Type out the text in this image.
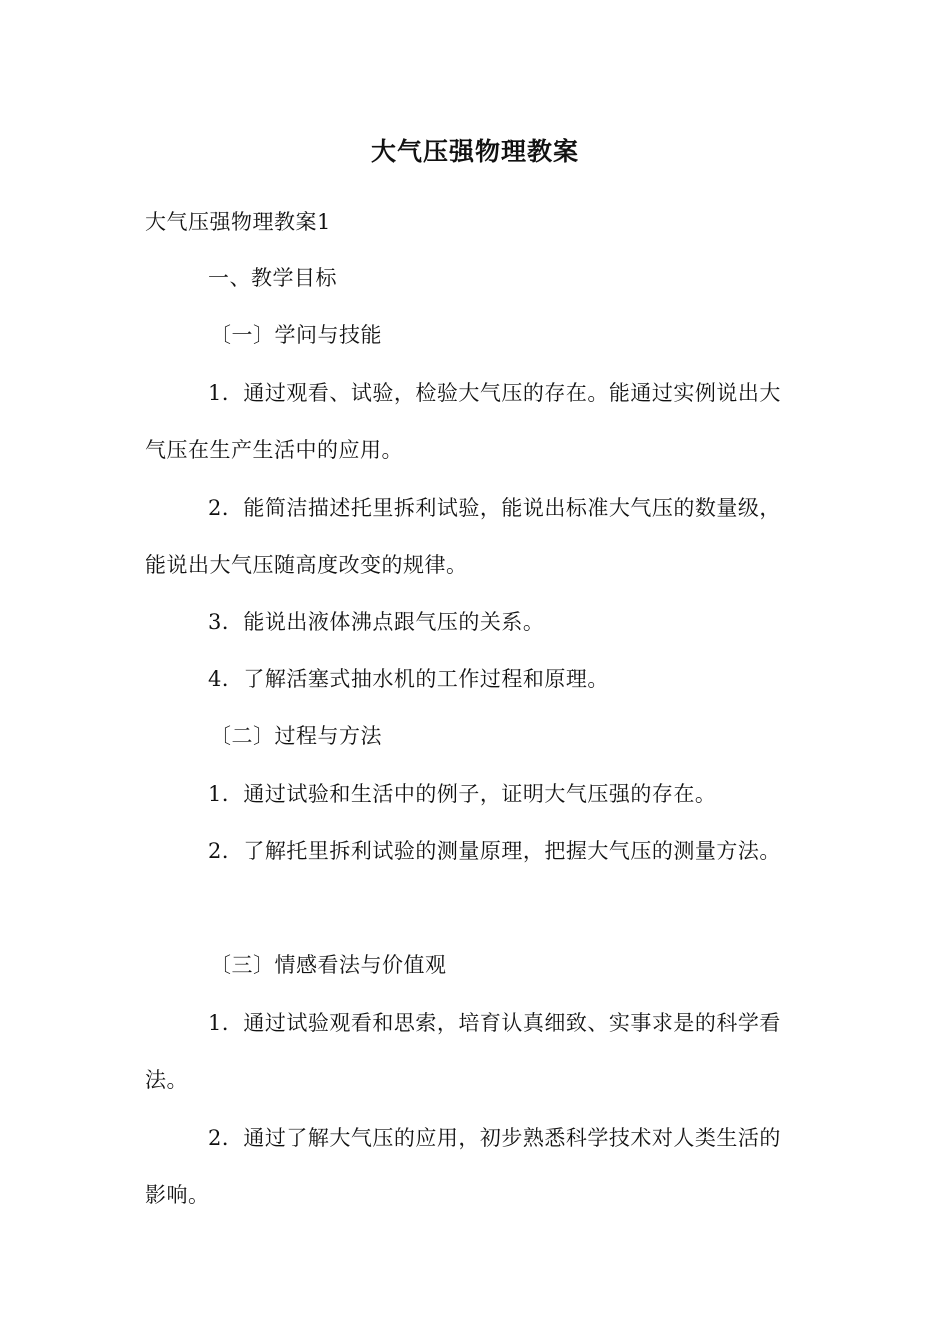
大气压强物理教案
大气压强物理教案1
一、教学目标
〔一〕学问与技能
1．通过观看、试验，检验大气压的存在。能通过实例说出大
气压在生产生活中的应用。
2．能简洁描述托里拆利试验，能说出标准大气压的数量级，
能说出大气压随高度改变的规律。
3．能说出液体沸点跟气压的关系。
4．了解活塞式抽水机的工作过程和原理。
〔二〕过程与方法
1．通过试验和生活中的例子，证明大气压强的存在。
2．了解托里拆利试验的测量原理，把握大气压的测量方法。
〔三〕情感看法与价值观
1．通过试验观看和思索，培育认真细致、实事求是的科学看
法。
2．通过了解大气压的应用，初步熟悉科学技术对人类生活的
影响。
